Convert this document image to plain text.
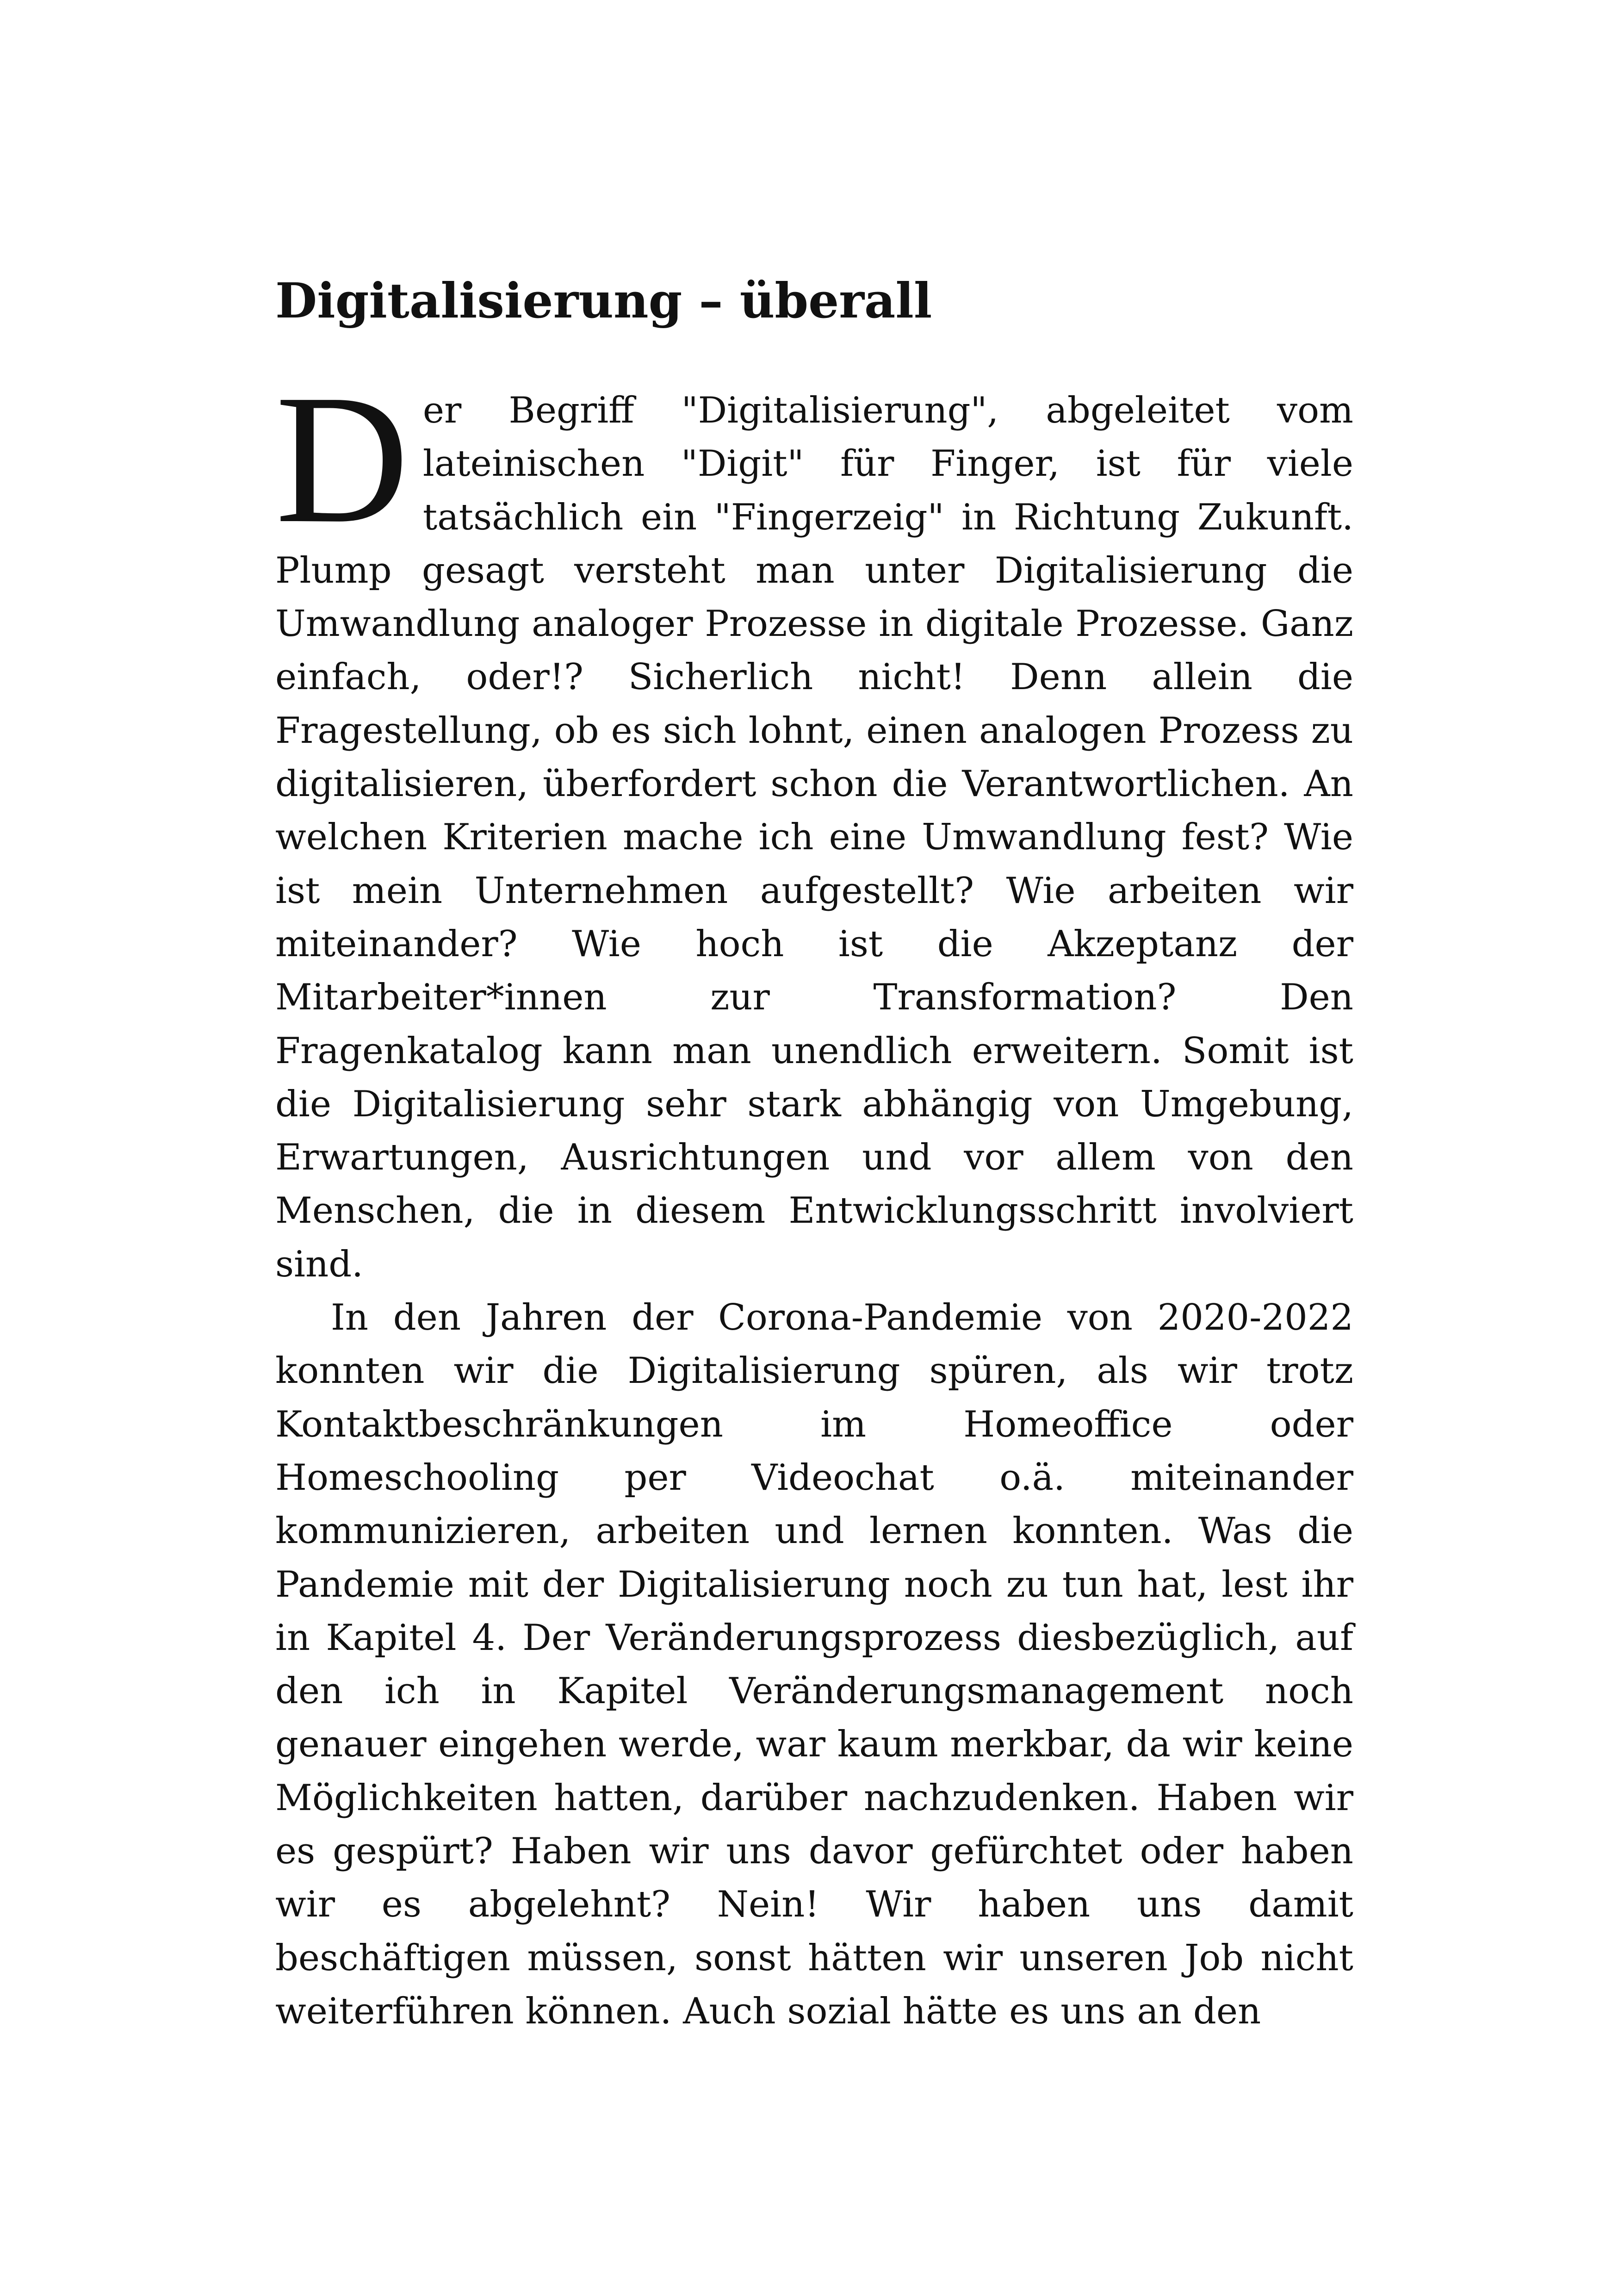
Digitalisierung – überall

Der Begriff "Digitalisierung", abgeleitet vom lateinischen "Digit" für Finger, ist für viele tatsächlich ein "Fingerzeig" in Richtung Zukunft. Plump gesagt versteht man unter Digitalisierung die Umwandlung analoger Prozesse in digitale Prozesse. Ganz einfach, oder!? Sicherlich nicht! Denn allein die Fragestellung, ob es sich lohnt, einen analogen Prozess zu digitalisieren, überfordert schon die Verantwortlichen. An welchen Kriterien mache ich eine Umwandlung fest? Wie ist mein Unternehmen aufgestellt? Wie arbeiten wir miteinander? Wie hoch ist die Akzeptanz der Mitarbeiter*innen zur Transformation? Den Fragenkatalog kann man unendlich erweitern. Somit ist die Digitalisierung sehr stark abhängig von Umgebung, Erwartungen, Ausrichtungen und vor allem von den Menschen, die in diesem Entwicklungsschritt involviert sind.

In den Jahren der Corona-Pandemie von 2020-2022 konnten wir die Digitalisierung spüren, als wir trotz Kontaktbeschränkungen im Homeoffice oder Homeschooling per Videochat o.ä. miteinander kommunizieren, arbeiten und lernen konnten. Was die Pandemie mit der Digitalisierung noch zu tun hat, lest ihr in Kapitel 4. Der Veränderungsprozess diesbezüglich, auf den ich in Kapitel Veränderungsmanagement noch genauer eingehen werde, war kaum merkbar, da wir keine Möglichkeiten hatten, darüber nachzudenken. Haben wir es gespürt? Haben wir uns davor gefürchtet oder haben wir es abgelehnt? Nein! Wir haben uns damit beschäftigen müssen, sonst hätten wir unseren Job nicht weiterführen können. Auch sozial hätte es uns an den
